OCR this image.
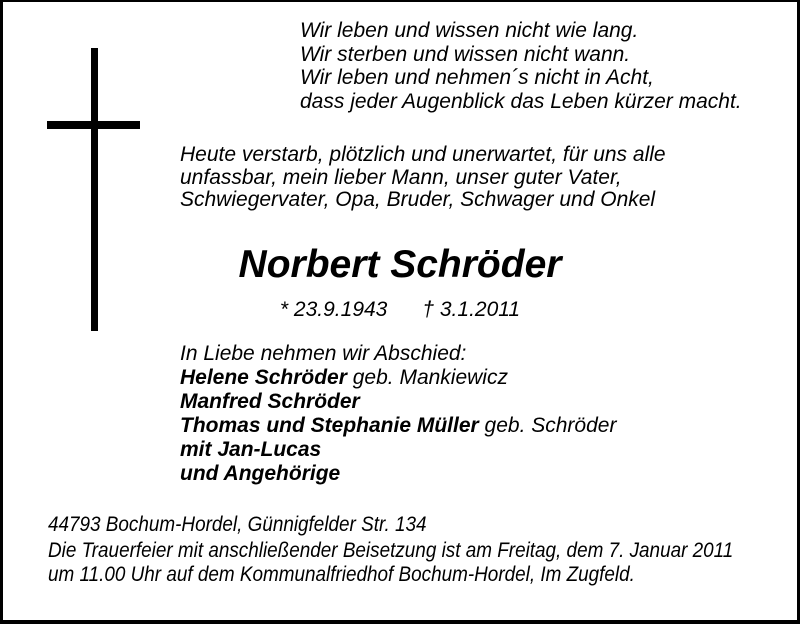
Wir leben und wissen nicht wie lang.
Wir sterben und wissen nicht wann.
Wir leben und nehmen´s nicht in Acht,
dass jeder Augenblick das Leben kürzer macht.
Heute verstarb, plötzlich und unerwartet, für uns alle
unfassbar, mein lieber Mann, unser guter Vater,
Schwiegervater, Opa, Bruder, Schwager und Onkel
Norbert Schröder
* 23.9.1943 † 3.1.2011
In Liebe nehmen wir Abschied:
Helene Schröder geb. Mankiewicz
Manfred Schröder
Thomas und Stephanie Müller geb. Schröder
mit Jan-Lucas
und Angehörige
44793 Bochum-Hordel, Günnigfelder Str. 134
Die Trauerfeier mit anschließender Beisetzung ist am Freitag, dem 7. Januar 2011
um 11.00 Uhr auf dem Kommunalfriedhof Bochum-Hordel, Im Zugfeld.
